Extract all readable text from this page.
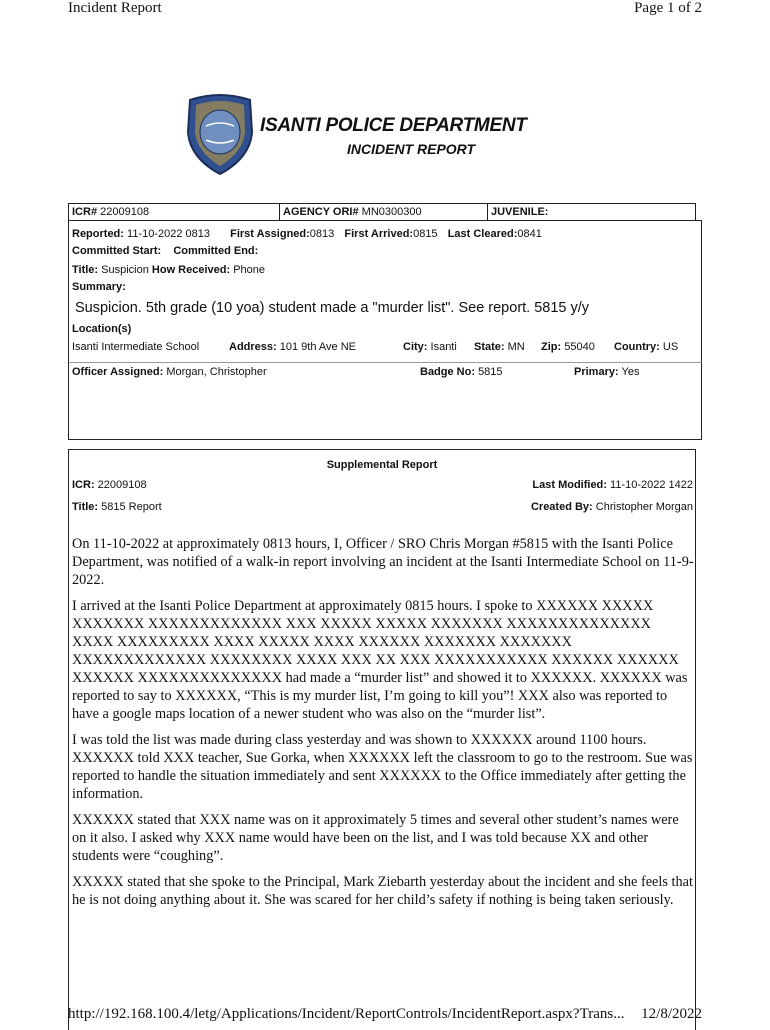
Incident Report	Page 1 of 2
ISANTI POLICE DEPARTMENT
INCIDENT REPORT
ICR# 22009108	AGENCY ORI# MN0300300	JUVENILE:
Reported: 11-10-2022 0813 First Assigned:0813 First Arrived:0815 Last Cleared:0841
Committed Start: Committed End:
Title: Suspicion How Received: Phone
Summary:
Suspicion. 5th grade (10 yoa) student made a "murder list". See report. 5815 y/y
Location(s)
Isanti Intermediate School	Address: 101 9th Ave NE	City: Isanti State: MN Zip: 55040 Country: US
Officer Assigned: Morgan, Christopher	Badge No: 5815	Primary: Yes
Supplemental Report
ICR: 22009108	Last Modified: 11-10-2022 1422
Title: 5815 Report	Created By: Christopher Morgan

On 11-10-2022 at approximately 0813 hours, I, Officer / SRO Chris Morgan #5815 with the Isanti Police Department, was notified of a walk-in report involving an incident at the Isanti Intermediate School on 11-9-2022.

I arrived at the Isanti Police Department at approximately 0815 hours. I spoke to XXXXXX XXXXX XXXXXXX XXXXXXXXXXXXX XXX XXXXX XXXXX XXXXXXX XXXXXXXXXXXXXX XXXX XXXXXXXXX XXXX XXXXX XXXX XXXXXX XXXXXXX XXXXXXX XXXXXXXXXXXXX XXXXXXXX XXXX XXX XX XXX XXXXXXXXXXX XXXXXX XXXXXX XXXXXX XXXXXXXXXXXXXX had made a “murder list” and showed it to XXXXXX. XXXXXX was reported to say to XXXXXX, “This is my murder list, I’m going to kill you”! XXX also was reported to have a google maps location of a newer student who was also on the “murder list”.

I was told the list was made during class yesterday and was shown to XXXXXX around 1100 hours. XXXXXX told XXX teacher, Sue Gorka, when XXXXXX left the classroom to go to the restroom. Sue was reported to handle the situation immediately and sent XXXXXX to the Office immediately after getting the information.

XXXXXX stated that XXX name was on it approximately 5 times and several other student’s names were on it also. I asked why XXX name would have been on the list, and I was told because XX and other students were “coughing”.

XXXXX stated that she spoke to the Principal, Mark Ziebarth yesterday about the incident and she feels that he is not doing anything about it. She was scared for her child’s safety if nothing is being taken seriously.

http://192.168.100.4/letg/Applications/Incident/ReportControls/IncidentReport.aspx?Trans... 12/8/2022
